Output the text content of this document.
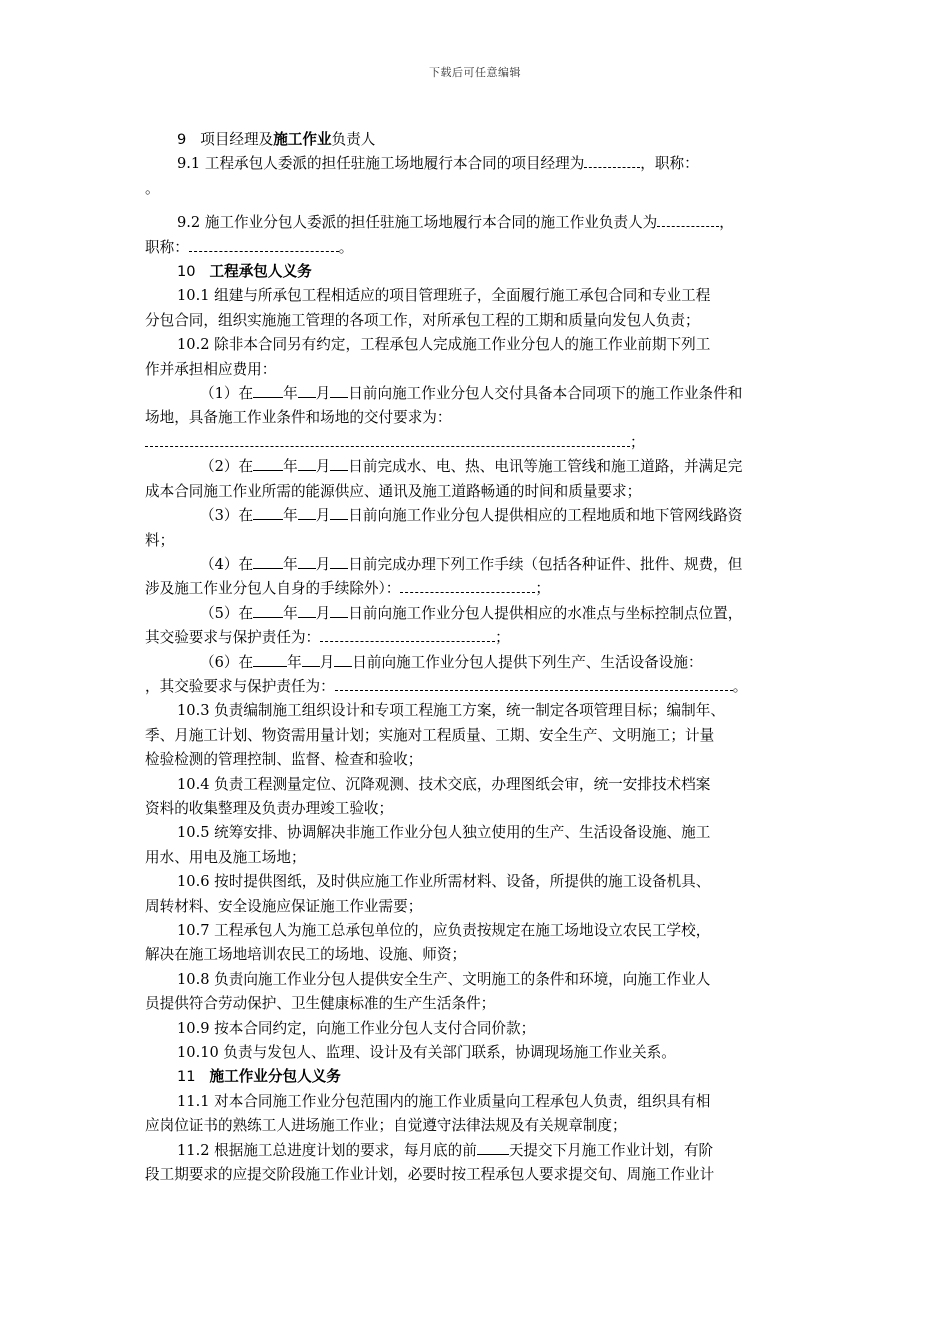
下载后可任意编辑
9 项目经理及施工作业负责人
9.1 工程承包人委派的担任驻施工场地履行本合同的项目经理为	，职称：
。
9.2 施工作业分包人委派的担任驻施工场地履行本合同的施工作业负责人为	，
职称：	。
10 工程承包人义务
10.1 组建与所承包工程相适应的项目管理班子，全面履行施工承包合同和专业工程
分包合同，组织实施施工管理的各项工作，对所承包工程的工期和质量向发包人负责；
10.2 除非本合同另有约定，工程承包人完成施工作业分包人的施工作业前期下列工
作并承担相应费用：
（1）在 年 月 日前向施工作业分包人交付具备本合同项下的施工作业条件和
场地，具备施工作业条件和场地的交付要求为：
；
（2）在 年 月 日前完成水、电、热、电讯等施工管线和施工道路，并满足完
成本合同施工作业所需的能源供应、通讯及施工道路畅通的时间和质量要求；
（3）在 年 月 日前向施工作业分包人提供相应的工程地质和地下管网线路资
料；
（4）在 年 月 日前完成办理下列工作手续（包括各种证件、批件、规费，但
涉及施工作业分包人自身的手续除外）：	；
（5）在 年 月 日前向施工作业分包人提供相应的水准点与坐标控制点位置，
其交验要求与保护责任为：	；
（6）在 年 月 日前向施工作业分包人提供下列生产、生活设备设施：
，其交验要求与保护责任为：	。
10.3 负责编制施工组织设计和专项工程施工方案，统一制定各项管理目标；编制年、
季、月施工计划、物资需用量计划；实施对工程质量、工期、安全生产、文明施工；计量
检验检测的管理控制、监督、检查和验收；
10.4 负责工程测量定位、沉降观测、技术交底，办理图纸会审，统一安排技术档案
资料的收集整理及负责办理竣工验收；
10.5 统筹安排、协调解决非施工作业分包人独立使用的生产、生活设备设施、施工
用水、用电及施工场地；
10.6 按时提供图纸，及时供应施工作业所需材料、设备，所提供的施工设备机具、
周转材料、安全设施应保证施工作业需要；
10.7 工程承包人为施工总承包单位的，应负责按规定在施工场地设立农民工学校，
解决在施工场地培训农民工的场地、设施、师资；
10.8 负责向施工作业分包人提供安全生产、文明施工的条件和环境，向施工作业人
员提供符合劳动保护、卫生健康标准的生产生活条件；
10.9 按本合同约定，向施工作业分包人支付合同价款；
10.10 负责与发包人、监理、设计及有关部门联系，协调现场施工作业关系。
11 施工作业分包人义务
11.1 对本合同施工作业分包范围内的施工作业质量向工程承包人负责，组织具有相
应岗位证书的熟练工人进场施工作业；自觉遵守法律法规及有关规章制度；
11.2 根据施工总进度计划的要求，每月底的前 天提交下月施工作业计划，有阶
段工期要求的应提交阶段施工作业计划，必要时按工程承包人要求提交旬、周施工作业计
